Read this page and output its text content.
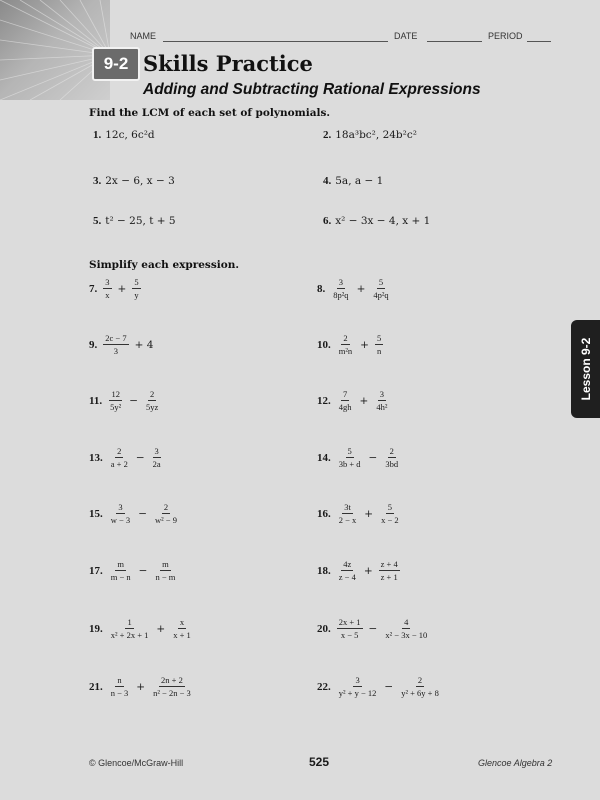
NAME	DATE	PERIOD
9-2 Skills Practice
Adding and Subtracting Rational Expressions
Find the LCM of each set of polynomials.
1. 12c, 6c²d	2. 18a³bc², 24b²c²
3. 2x − 6, x − 3	4. 5a, a − 1
5. t² − 25, t + 5	6. x² − 3x − 4, x + 1
Simplify each expression.
7. $\frac{3}{x} + \frac{5}{y}$	8. $\frac{3}{\text{8p²q}} + \frac{5}{\text{4p²q}}$
9. $\frac{2c - 7}{3} + 4$	10. $\frac{2}{\text{m²n}} + \frac{5}{n}$
11. $\frac{12}{\text{5y²}} - \frac{2}{5yz}$	12. $\frac{7}{4gh} + \frac{3}{\text{4h²}}$
13. $\frac{2}{a + 2} - \frac{3}{2a}$	14. $\frac{5}{3b + d} - \frac{2}{3bd}$
15. $\frac{3}{w - 3} - \frac{2}{\text{w² − 9}}$	16. $\frac{3t}{2 - x} + \frac{5}{x - 2}$
17. $\frac{m}{m - n} - \frac{m}{n - m}$	18. $\frac{4z}{z - 4} + \frac{z + 4}{z + 1}$
19. $\frac{1}{\text{x² + 2x + 1}} + \frac{x}{x + 1}$	20. $\frac{2x + 1}{x - 5} - \frac{4}{\text{x² − 3x − 10}}$
21. $\frac{n}{n - 3} + \frac{2n + 2}{\text{n² − 2n − 3}}$	22. $\frac{3}{\text{y² + y − 12}} - \frac{2}{\text{y² + 6y + 8}}$
Lesson 9-2
© Glencoe/McGraw-Hill	525	Glencoe Algebra 2
